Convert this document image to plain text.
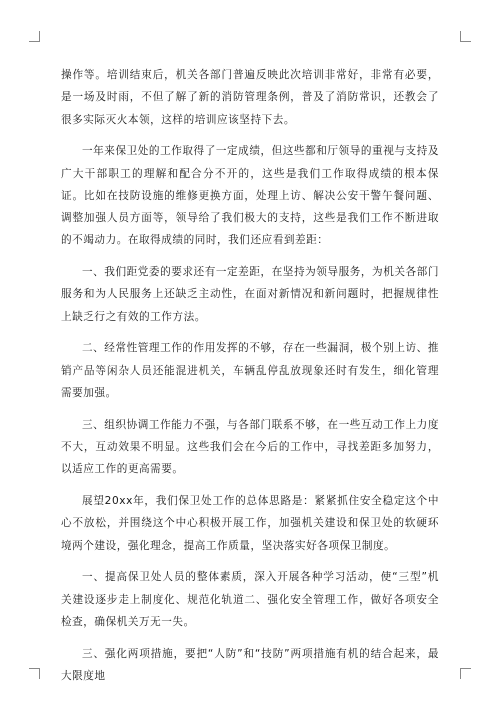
操作等。培训结束后，机关各部门普遍反映此次培训非常好，非常有必要，是一场及时雨，不但了解了新的消防管理条例，普及了消防常识，还教会了很多实际灭火本领，这样的培训应该坚持下去。

一年来保卫处的工作取得了一定成绩，但这些都和厅领导的重视与支持及广大干部职工的理解和配合分不开的，这些是我们工作取得成绩的根本保证。比如在技防设施的维修更换方面，处理上访、解决公安干警午餐问题、调整加强人员方面等，领导给了我们极大的支持，这些是我们工作不断进取的不竭动力。在取得成绩的同时，我们还应看到差距：

一、我们距党委的要求还有一定差距，在坚持为领导服务，为机关各部门服务和为人民服务上还缺乏主动性，在面对新情况和新问题时，把握规律性上缺乏行之有效的工作方法。

二、经常性管理工作的作用发挥的不够，存在一些漏洞，极个别上访、推销产品等闲杂人员还能混进机关，车辆乱停乱放现象还时有发生，细化管理需要加强。

三、组织协调工作能力不强，与各部门联系不够，在一些互动工作上力度不大，互动效果不明显。这些我们会在今后的工作中，寻找差距多加努力，以适应工作的更高需要。

展望20xx年，我们保卫处工作的总体思路是：紧紧抓住安全稳定这个中心不放松，并围绕这个中心积极开展工作，加强机关建设和保卫处的软硬环境两个建设，强化理念，提高工作质量，坚决落实好各项保卫制度。

一、提高保卫处人员的整体素质，深入开展各种学习活动，使“三型”机关建设逐步走上制度化、规范化轨道二、强化安全管理工作，做好各项安全检查，确保机关万无一失。

三、强化两项措施，要把“人防”和“技防”两项措施有机的结合起来，最大限度地
